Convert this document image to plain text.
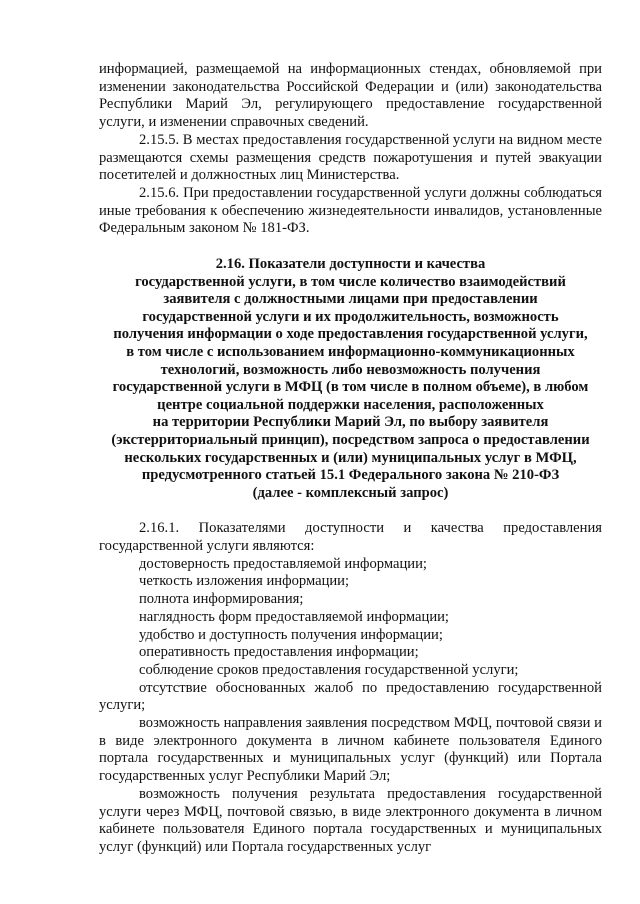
информацией, размещаемой на информационных стендах, обновляемой при изменении законодательства Российской Федерации и (или) законодательства Республики Марий Эл, регулирующего предоставление государственной услуги, и изменении справочных сведений.

2.15.5. В местах предоставления государственной услуги на видном месте размещаются схемы размещения средств пожаротушения и путей эвакуации посетителей и должностных лиц Министерства.

2.15.6. При предоставлении государственной услуги должны соблюдаться иные требования к обеспечению жизнедеятельности инвалидов, установленные Федеральным законом № 181-ФЗ.

2.16. Показатели доступности и качества
государственной услуги, в том числе количество взаимодействий
заявителя с должностными лицами при предоставлении
государственной услуги и их продолжительность, возможность
получения информации о ходе предоставления государственной услуги,
в том числе с использованием информационно-коммуникационных
технологий, возможность либо невозможность получения
государственной услуги в МФЦ (в том числе в полном объеме), в любом
центре социальной поддержки населения, расположенных
на территории Республики Марий Эл, по выбору заявителя
(экстерриториальный принцип), посредством запроса о предоставлении
нескольких государственных и (или) муниципальных услуг в МФЦ,
предусмотренного статьей 15.1 Федерального закона № 210-ФЗ
(далее - комплексный запрос)

2.16.1. Показателями доступности и качества предоставления государственной услуги являются:

достоверность предоставляемой информации;

четкость изложения информации;

полнота информирования;

наглядность форм предоставляемой информации;

удобство и доступность получения информации;

оперативность предоставления информации;

соблюдение сроков предоставления государственной услуги;

отсутствие обоснованных жалоб по предоставлению государственной услуги;

возможность направления заявления посредством МФЦ, почтовой связи и в виде электронного документа в личном кабинете пользователя Единого портала государственных и муниципальных услуг (функций) или Портала государственных услуг Республики Марий Эл;

возможность получения результата предоставления государственной услуги через МФЦ, почтовой связью, в виде электронного документа в личном кабинете пользователя Единого портала государственных и муниципальных услуг (функций) или Портала государственных услуг
